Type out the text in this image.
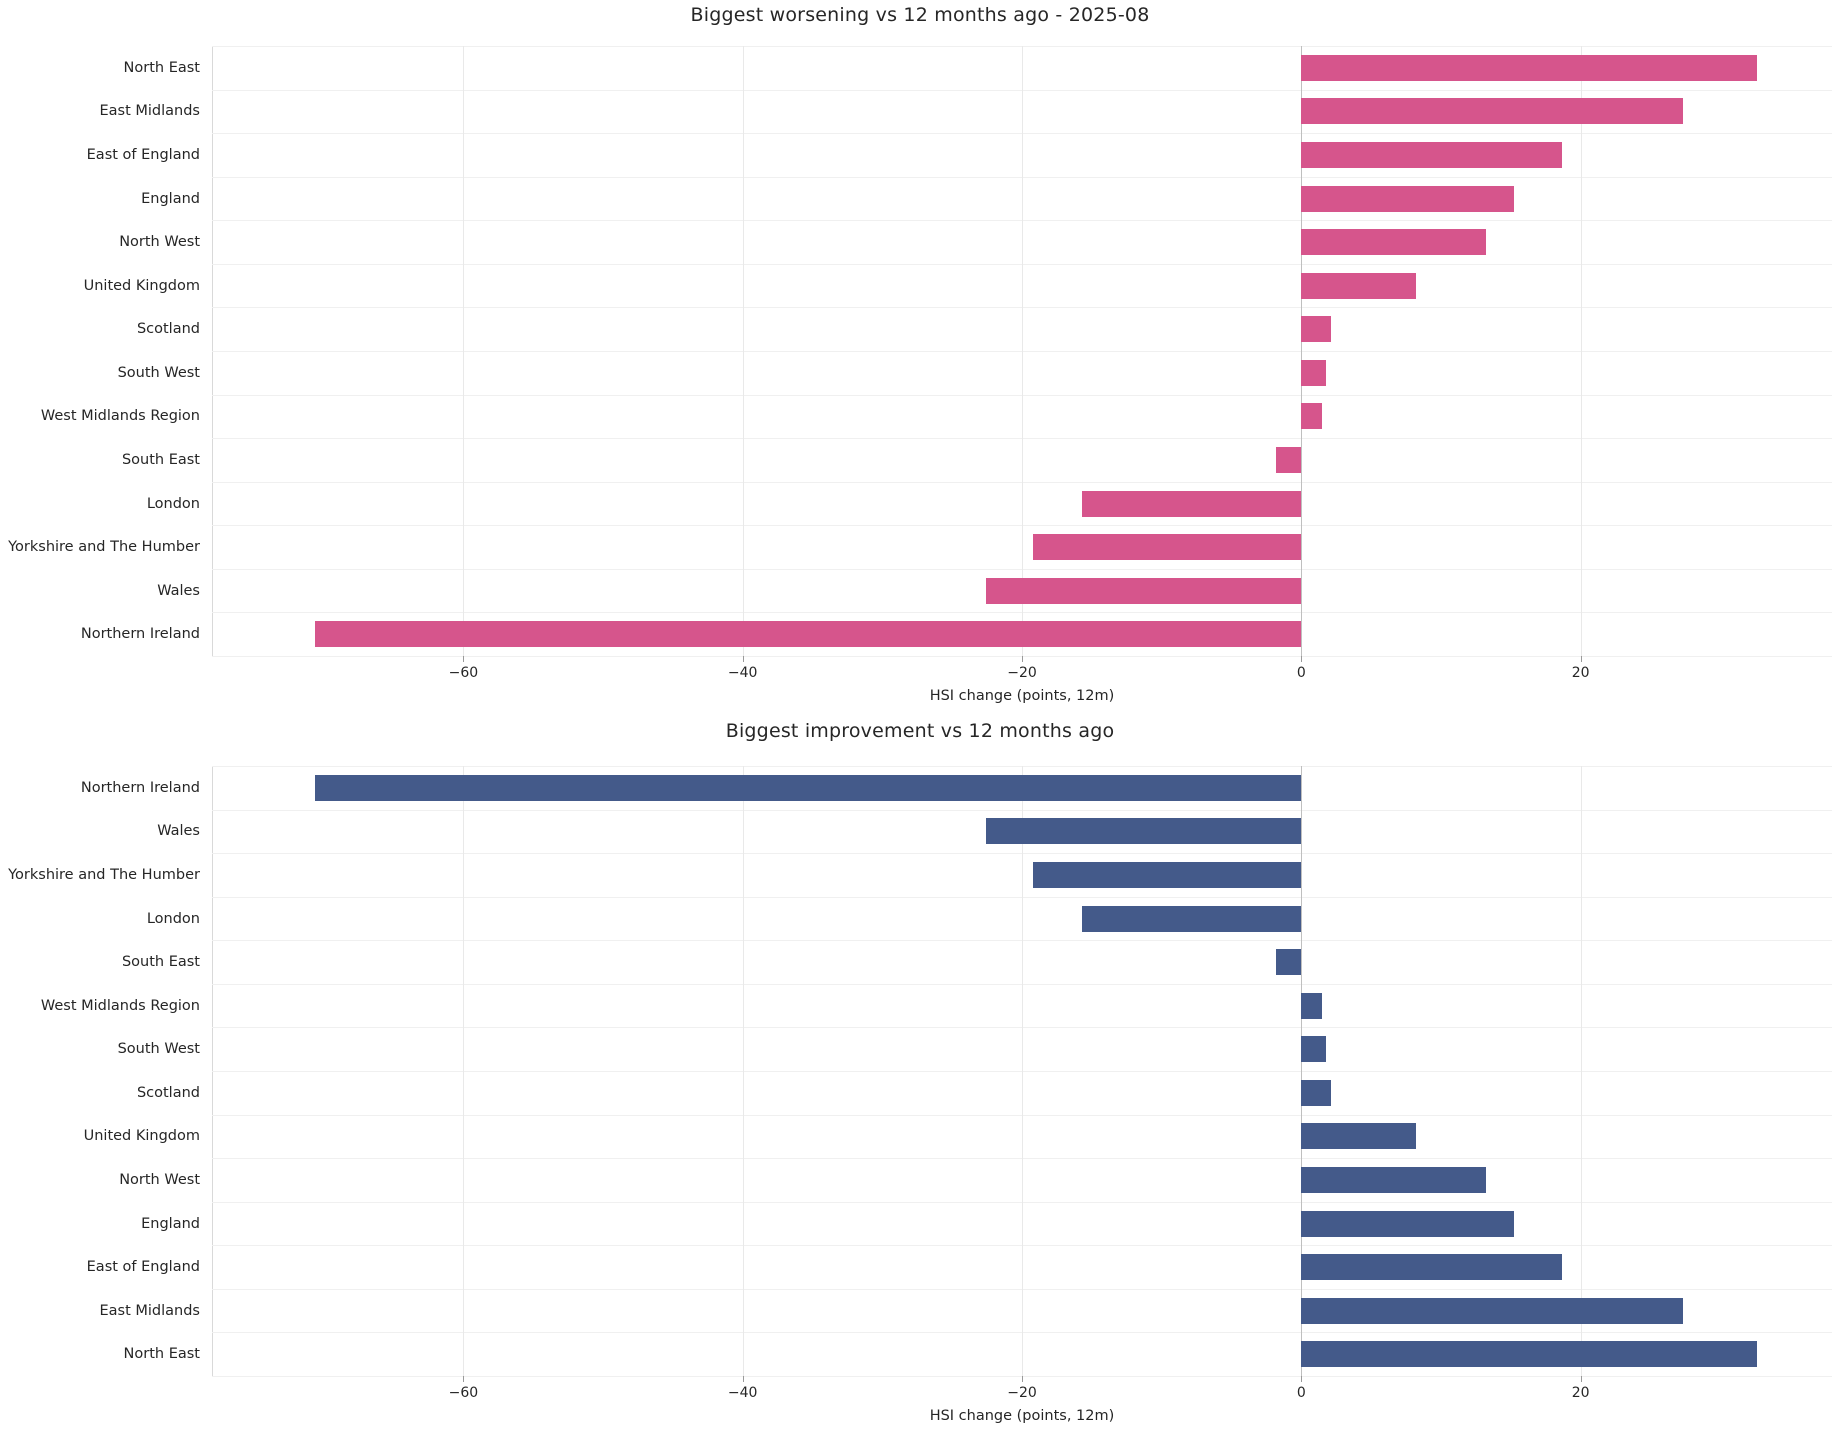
Biggest worsening vs 12 months ago - 2025-08
North East
East Midlands
East of England
England
North West
United Kingdom
Scotland
South West
West Midlands Region
South East
London
Yorkshire and The Humber
Wales
Northern Ireland
−60	−40	−20	0	20
HSI change (points, 12m)
Biggest improvement vs 12 months ago
Northern Ireland
Wales
Yorkshire and The Humber
London
South East
West Midlands Region
South West
Scotland
United Kingdom
North West
England
East of England
East Midlands
North East
−60	−40	−20	0	20
HSI change (points, 12m)
